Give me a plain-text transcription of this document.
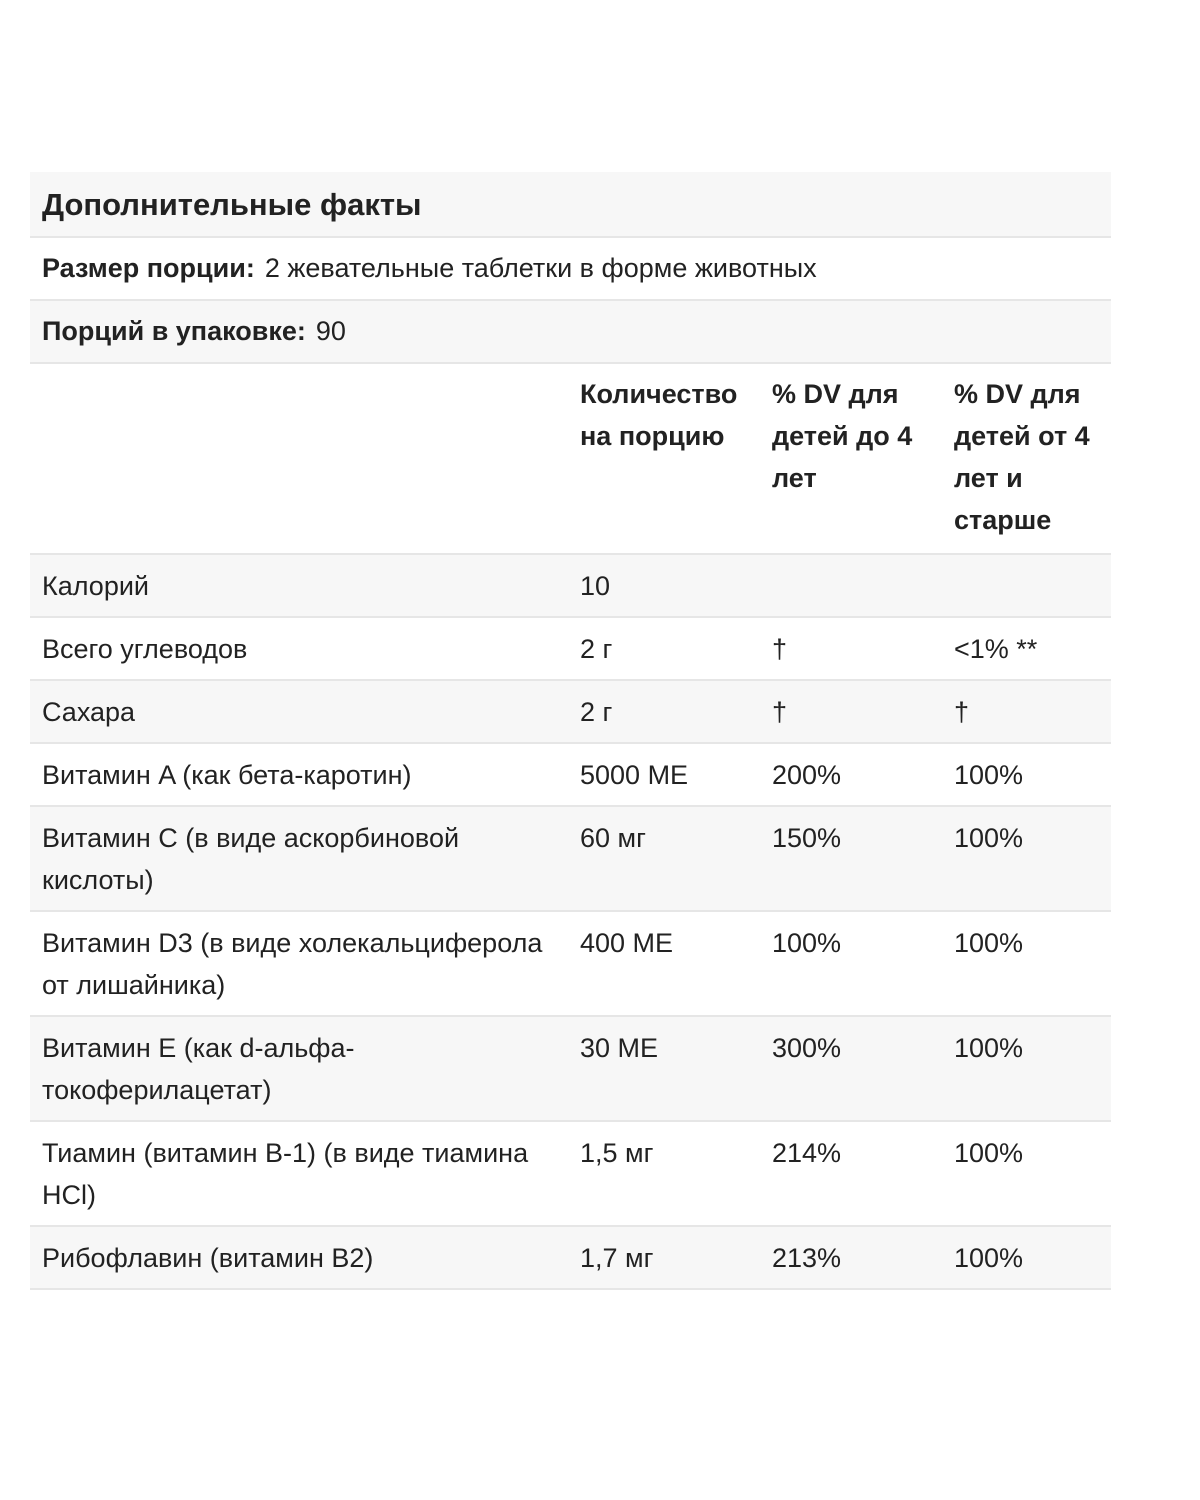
Дополнительные факты
Размер порции: 2 жевательные таблетки в форме животных
Порций в упаковке: 90
	Количество на порцию	% DV для детей до 4 лет	% DV для детей от 4 лет и старше
Калорий	10		
Всего углеводов	2 г	†	<1% **
Сахара	2 г	†	†
Витамин A (как бета-каротин)	5000 МЕ	200%	100%
Витамин C (в виде аскорбиновой кислоты)	60 мг	150%	100%
Витамин D3 (в виде холекальциферола от лишайника)	400 МЕ	100%	100%
Витамин E (как d-альфа-токоферилацетат)	30 МЕ	300%	100%
Тиамин (витамин B-1) (в виде тиамина HCl)	1,5 мг	214%	100%
Рибофлавин (витамин B2)	1,7 мг	213%	100%
